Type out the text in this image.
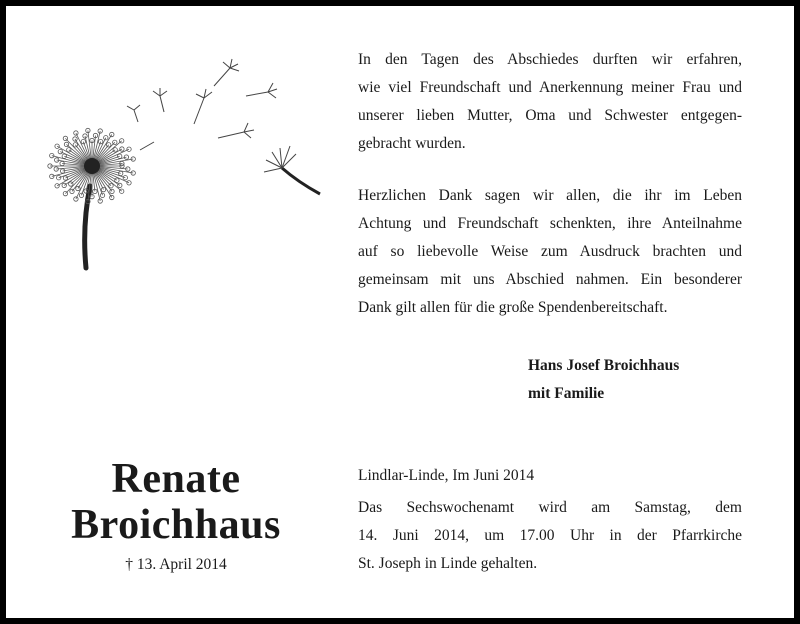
In den Tagen des Abschiedes durften wir erfahren,
wie viel Freundschaft und Anerkennung meiner Frau und
unserer lieben Mutter, Oma und Schwester entgegen-
gebracht wurden.

Herzlichen Dank sagen wir allen, die ihr im Leben
Achtung und Freundschaft schenkten, ihre Anteilnahme
auf so liebevolle Weise zum Ausdruck brachten und
gemeinsam mit uns Abschied nahmen. Ein besonderer
Dank gilt allen für die große Spendenbereitschaft.

Hans Josef Broichhaus
mit Familie

Lindlar-Linde, Im Juni 2014

Das Sechswochenamt wird am Samstag, dem
14. Juni 2014, um 17.00 Uhr in der Pfarrkirche
St. Joseph in Linde gehalten.

Renate
Broichhaus
† 13. April 2014
